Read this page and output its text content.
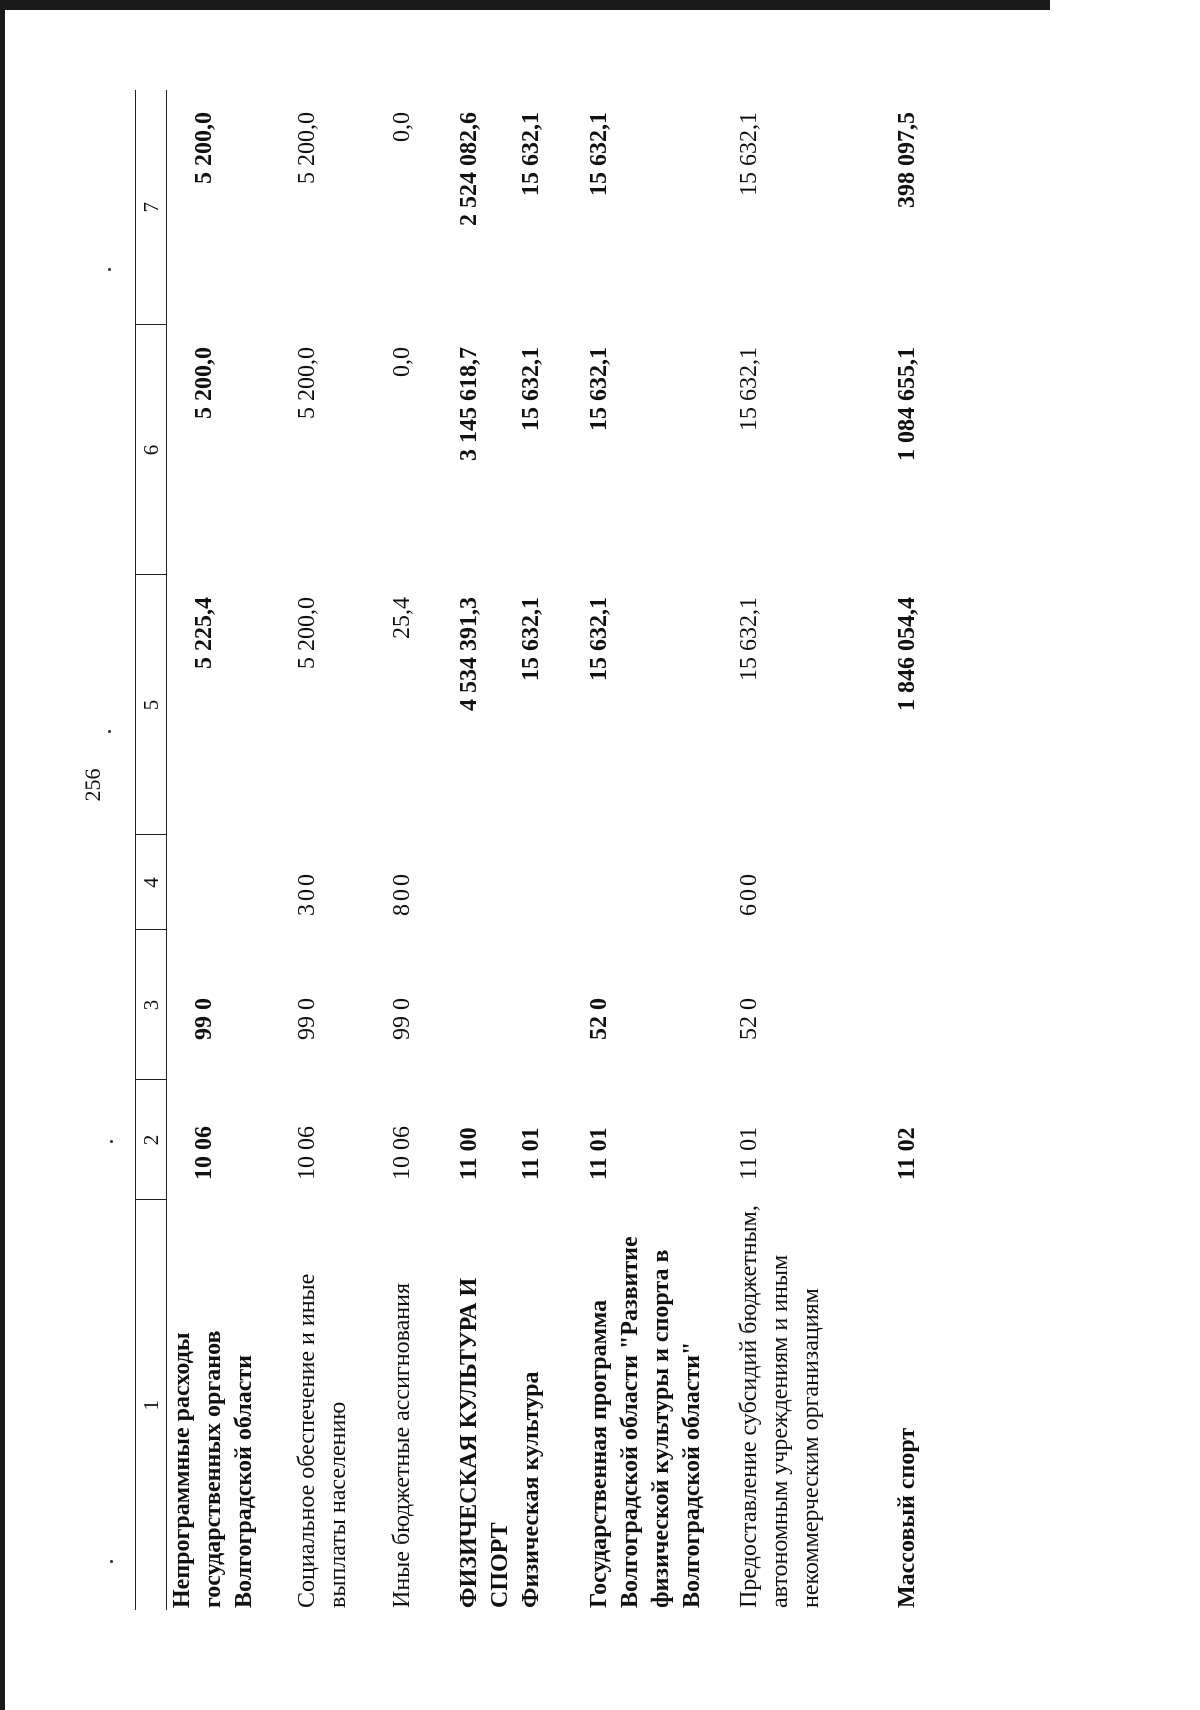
256
1	2	3	4	5	6	7
Непрограммные расходы государственных органов Волгоградской области	10 06	99 0		5 225,4	5 200,0	5 200,0
Социальное обеспечение и иные выплаты населению	10 06	99 0	300	5 200,0	5 200,0	5 200,0
Иные бюджетные ассигнования	10 06	99 0	800	25,4	0,0	0,0
ФИЗИЧЕСКАЯ КУЛЬТУРА И СПОРТ	11 00			4 534 391,3	3 145 618,7	2 524 082,6
Физическая культура	11 01			15 632,1	15 632,1	15 632,1
Государственная программа Волгоградской области "Развитие физической культуры и спорта в Волгоградской области"	11 01	52 0		15 632,1	15 632,1	15 632,1
Предоставление субсидий бюджетным, автономным учреждениям и иным некоммерческим организациям	11 01	52 0	600	15 632,1	15 632,1	15 632,1
Массовый спорт	11 02			1 846 054,4	1 084 655,1	398 097,5
